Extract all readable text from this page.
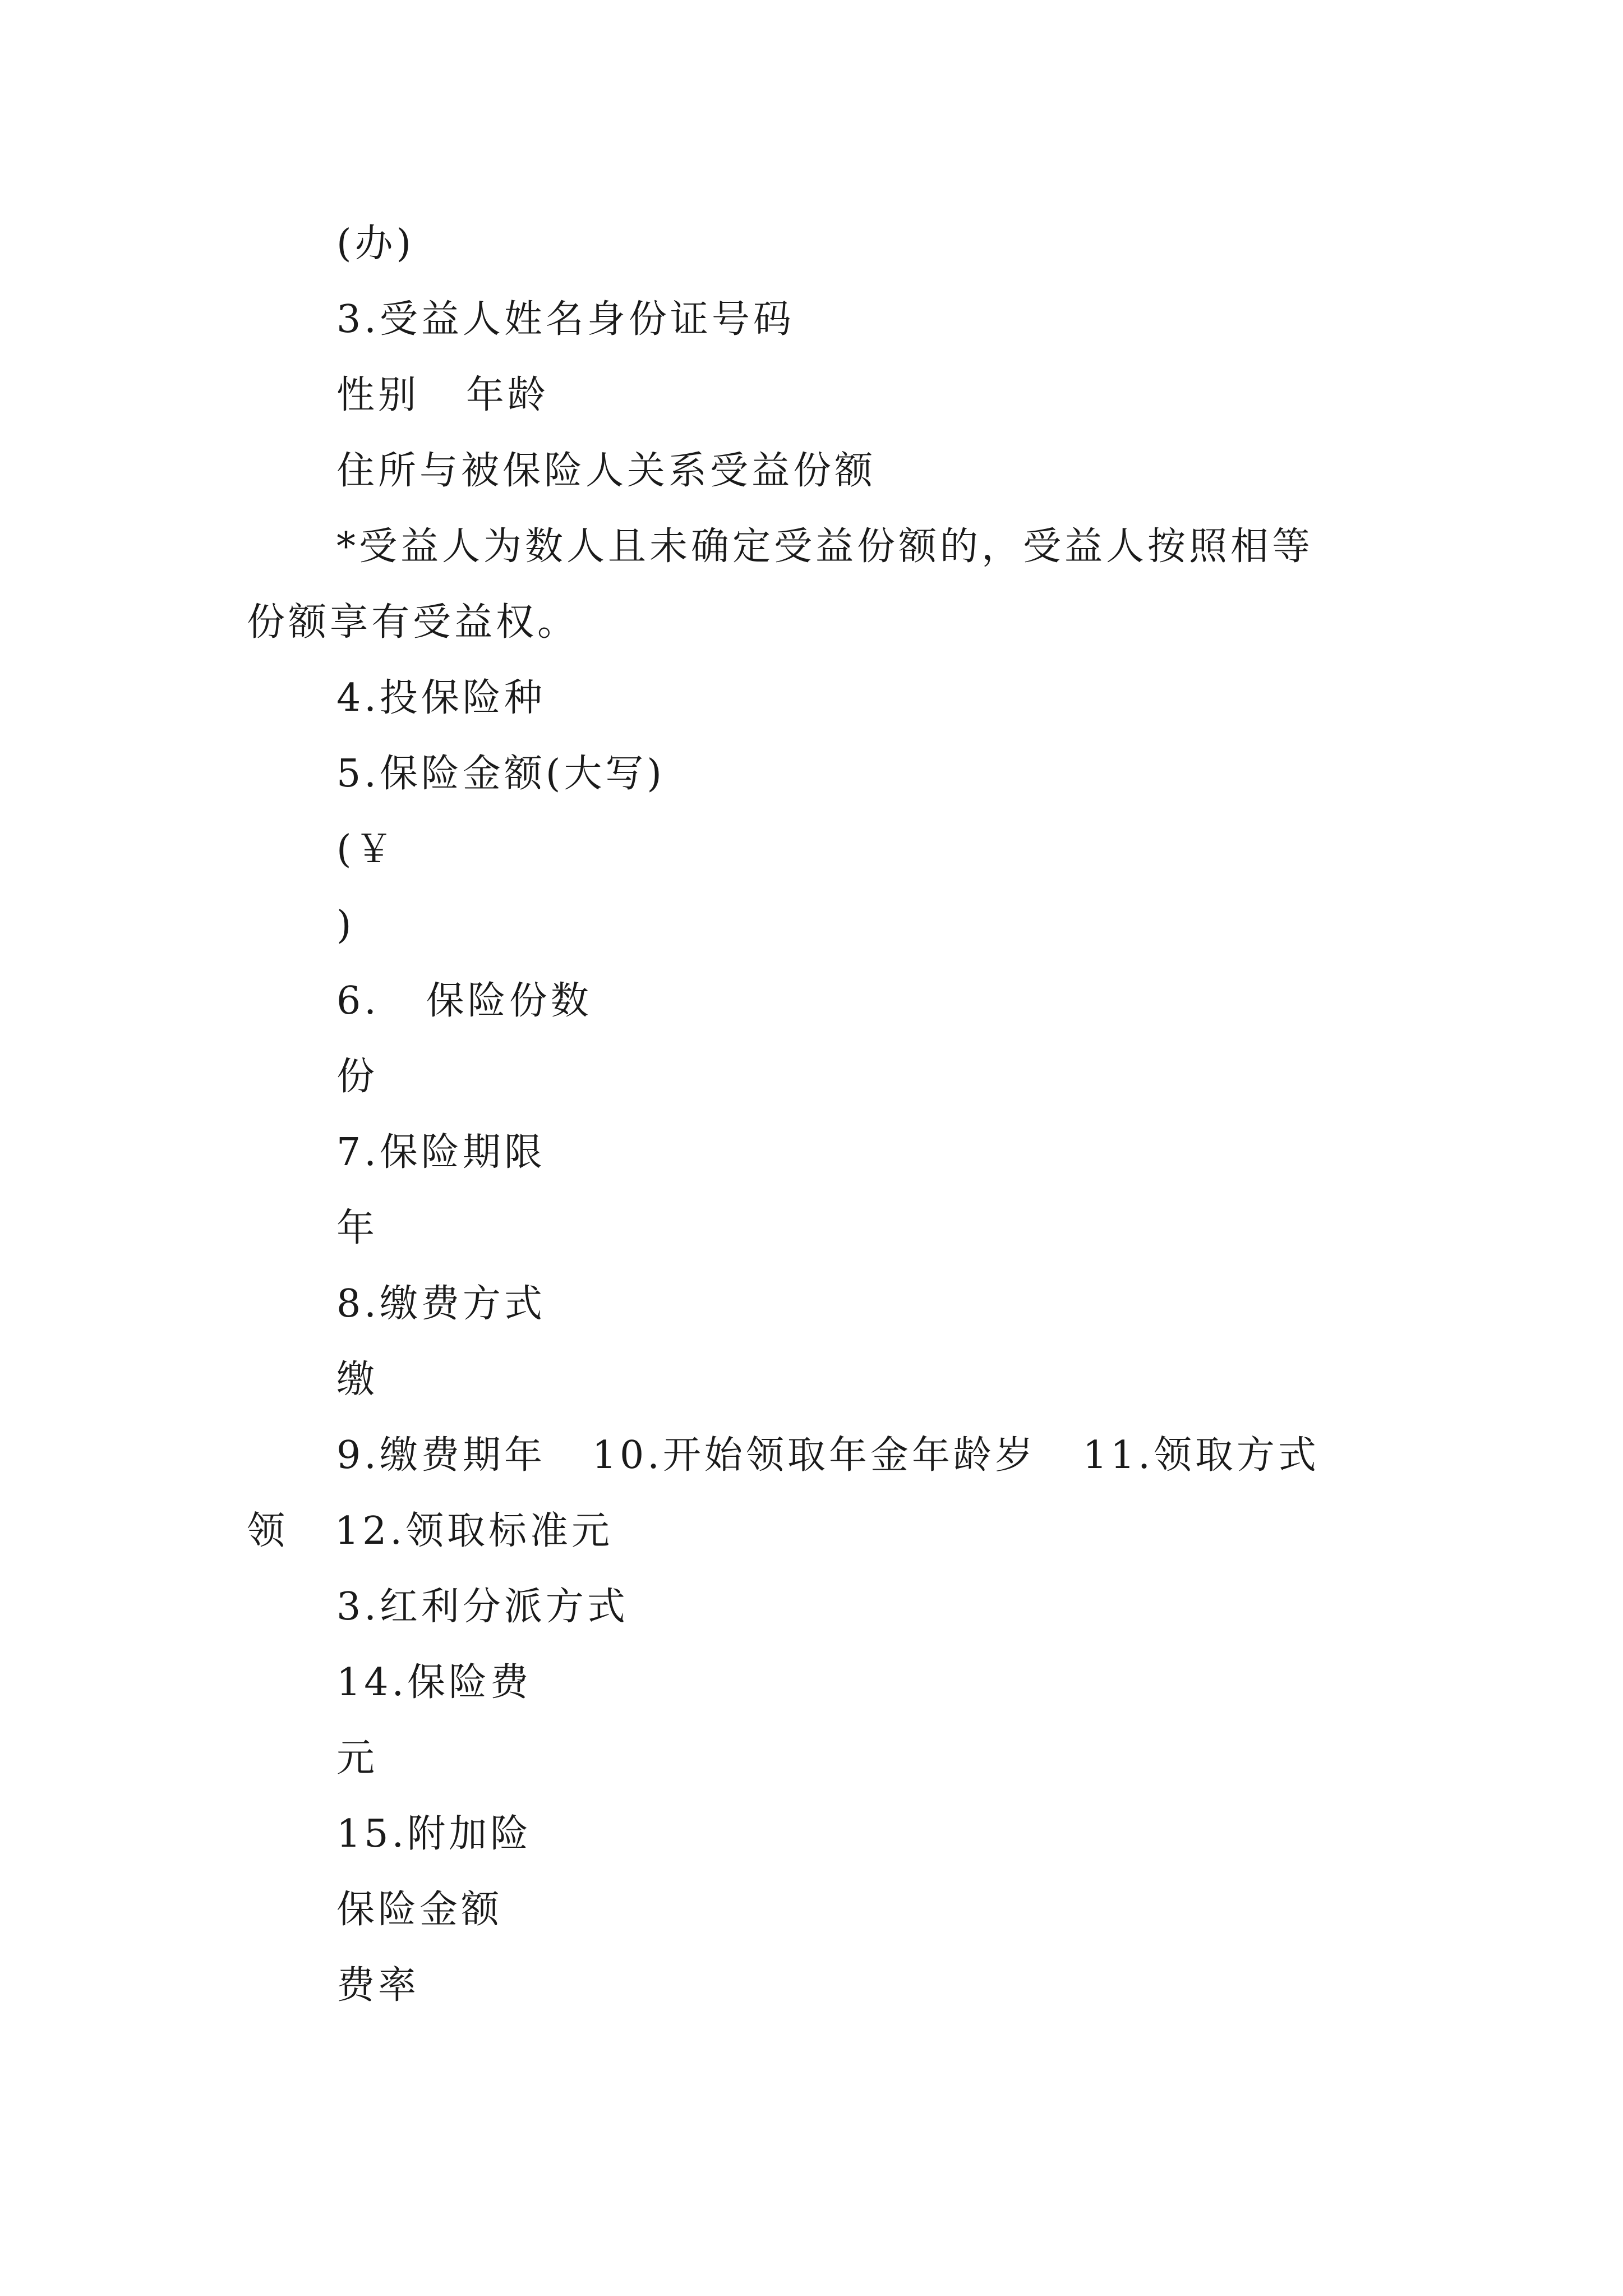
(办)
3.受益人姓名身份证号码
性别   年龄
住所与被保险人关系受益份额
*受益人为数人且未确定受益份额的，受益人按照相等
份额享有受益权。
4.投保险种
5.保险金额(大写)
(￥
)
6.   保险份数
份
7.保险期限
年
8.缴费方式
缴
9.缴费期年   10.开始领取年金年龄岁   11.领取方式
领   12.领取标准元
3.红利分派方式
14.保险费
元
15.附加险
保险金额
费率
